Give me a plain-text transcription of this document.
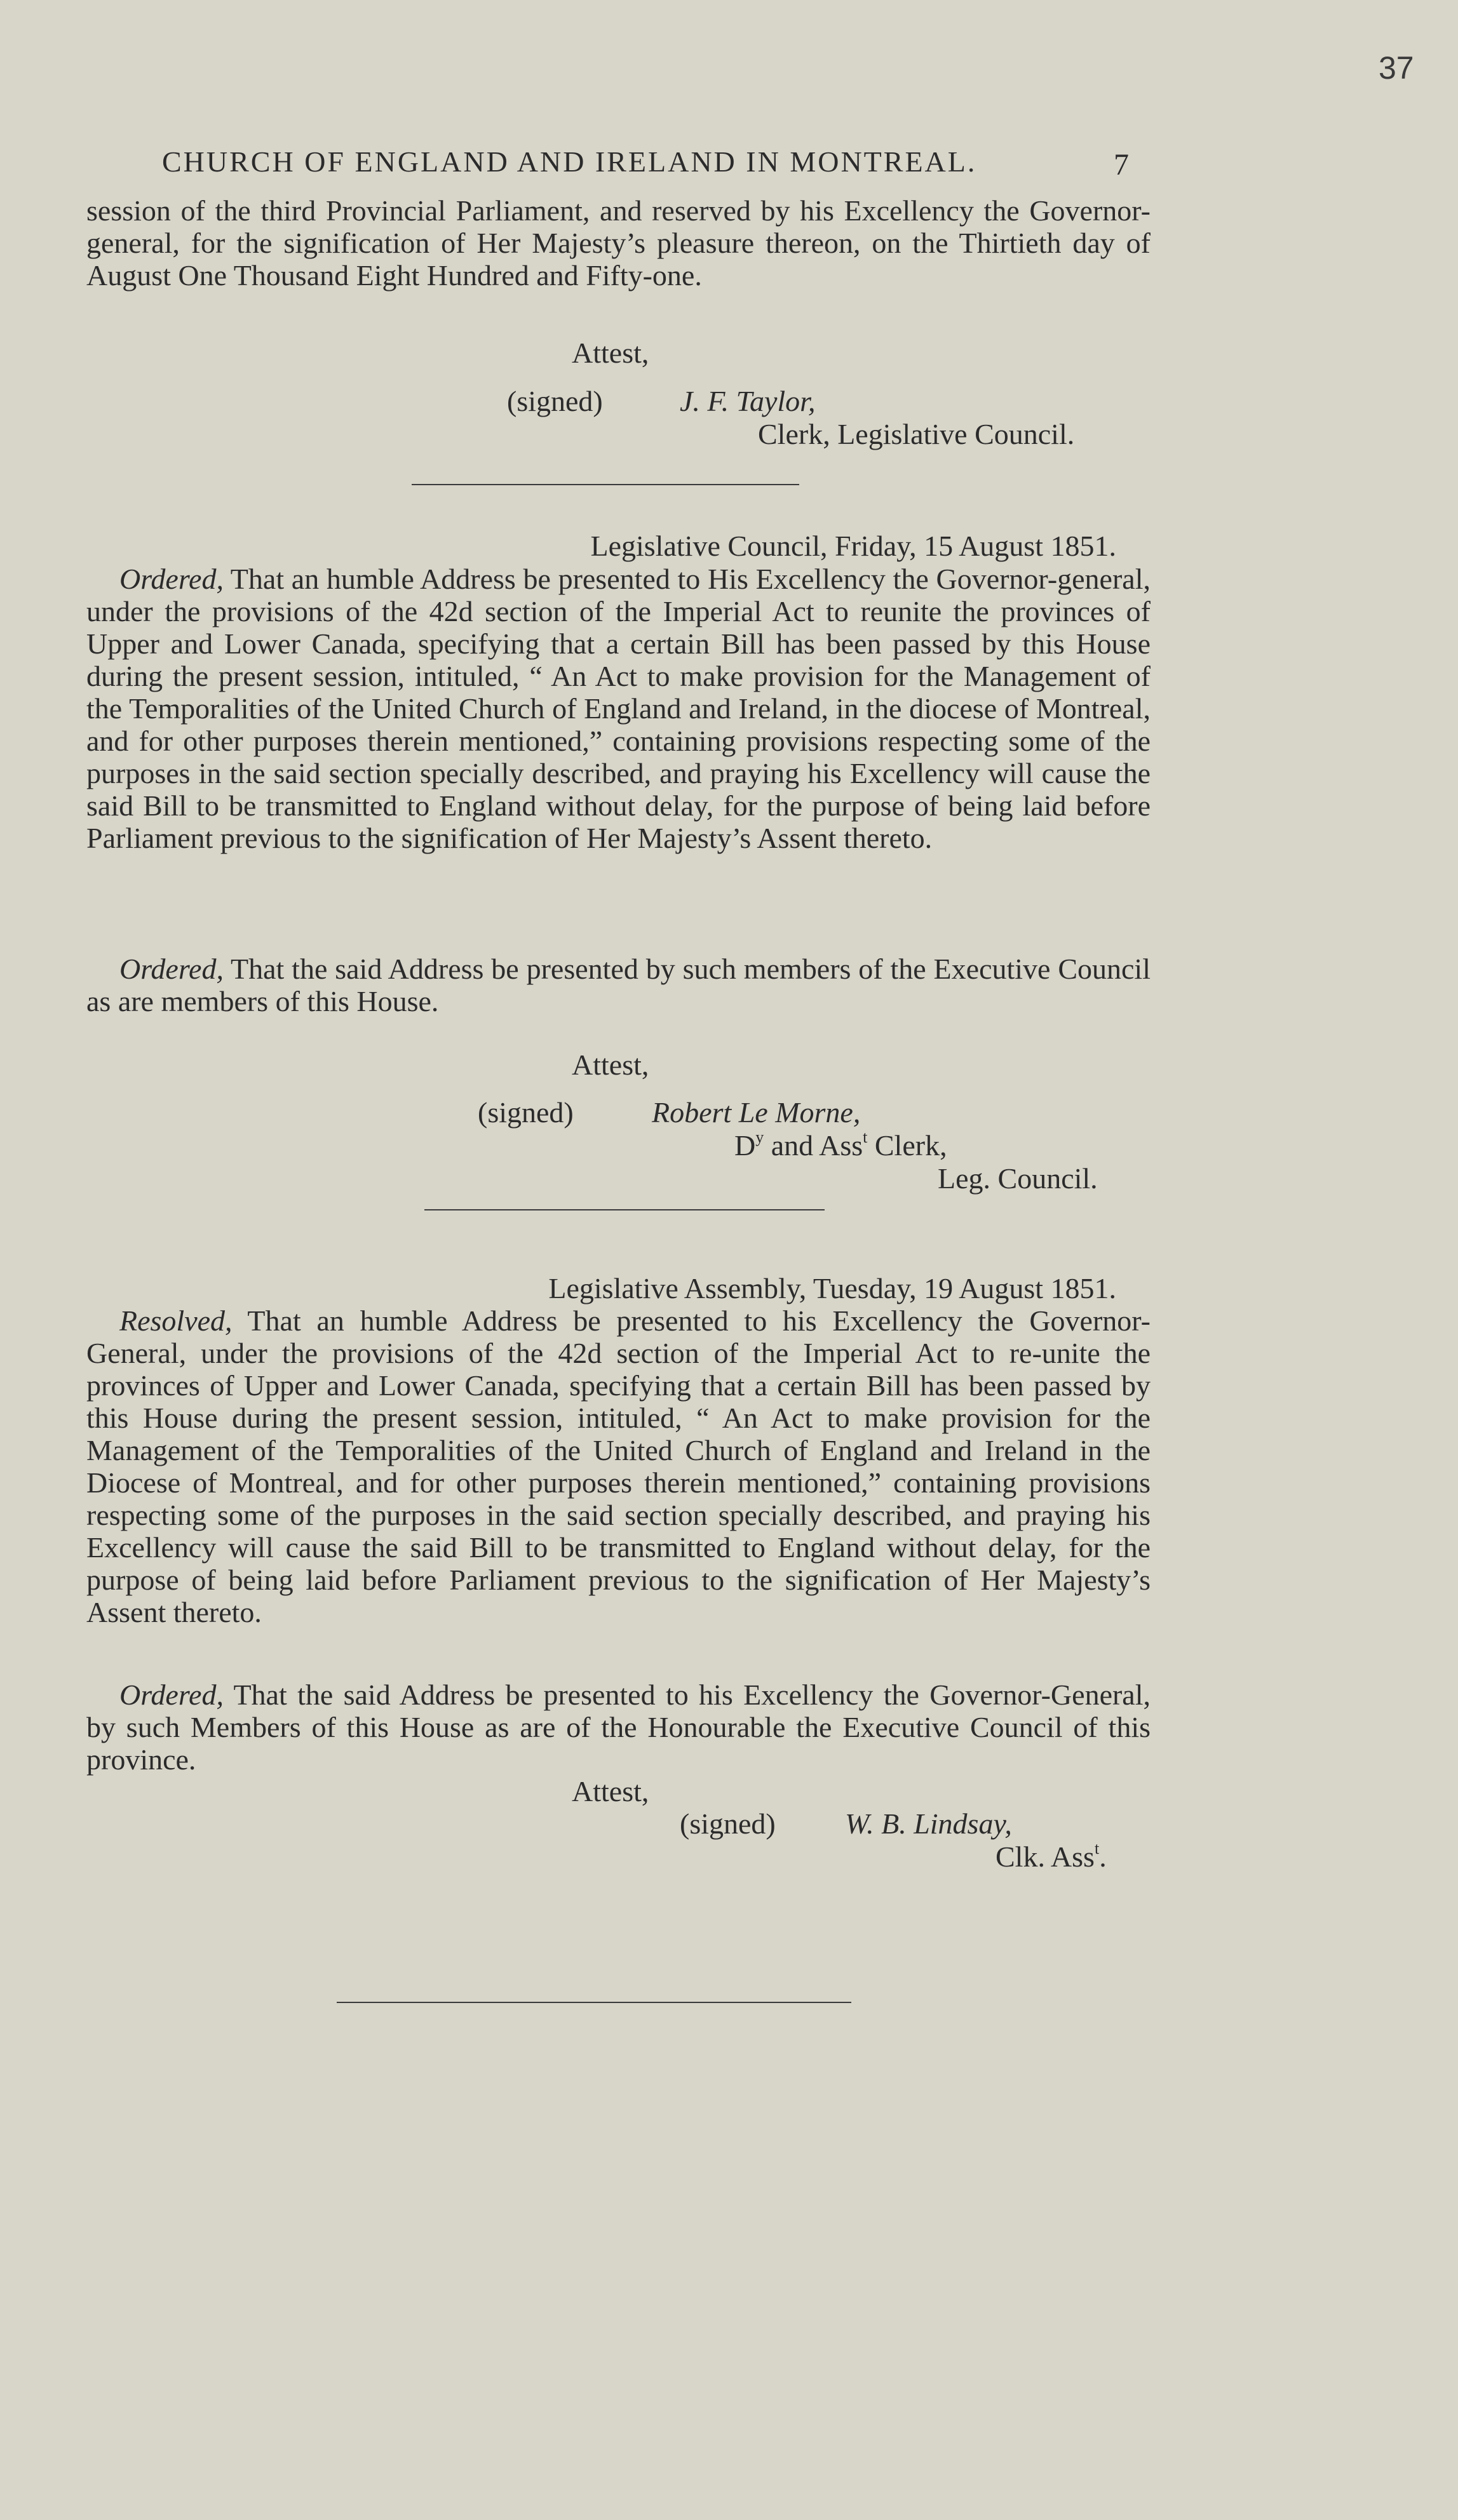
37
CHURCH OF ENGLAND AND IRELAND IN MONTREAL.	7

session of the third Provincial Parliament, and reserved by his Excellency the Governor-general, for the signification of Her Majesty’s pleasure thereon, on the Thirtieth day of August One Thousand Eight Hundred and Fifty-one.

Attest,
(signed)	J. F. Taylor,
Clerk, Legislative Council.
Legislative Council, Friday, 15 August 1851.

Ordered, That an humble Address be presented to His Excellency the Governor-general, under the provisions of the 42d section of the Imperial Act to reunite the provinces of Upper and Lower Canada, specifying that a certain Bill has been passed by this House during the present session, intituled, “ An Act to make provision for the Management of the Temporalities of the United Church of England and Ireland, in the diocese of Montreal, and for other purposes therein mentioned,” containing provisions respecting some of the purposes in the said section specially described, and praying his Excellency will cause the said Bill to be transmitted to England without delay, for the purpose of being laid before Parliament previous to the signification of Her Majesty’s Assent thereto.

Ordered, That the said Address be presented by such members of the Executive Council as are members of this House.

Attest,
(signed)	Robert Le Morne,
$D^y$ and Ass$^t$ Clerk,
Leg. Council.
Legislative Assembly, Tuesday, 19 August 1851.

Resolved, That an humble Address be presented to his Excellency the Governor-General, under the provisions of the 42d section of the Imperial Act to re-unite the provinces of Upper and Lower Canada, specifying that a certain Bill has been passed by this House during the present session, intituled, “ An Act to make provision for the Management of the Temporalities of the United Church of England and Ireland in the Diocese of Montreal, and for other purposes therein mentioned,” containing provisions respecting some of the purposes in the said section specially described, and praying his Excellency will cause the said Bill to be transmitted to England without delay, for the purpose of being laid before Parliament previous to the signification of Her Majesty’s Assent thereto.

Ordered, That the said Address be presented to his Excellency the Governor-General, by such Members of this House as are of the Honourable the Executive Council of this province.

Attest,
(signed) W. B. Lindsay,
Clk. Ass$^t$.
